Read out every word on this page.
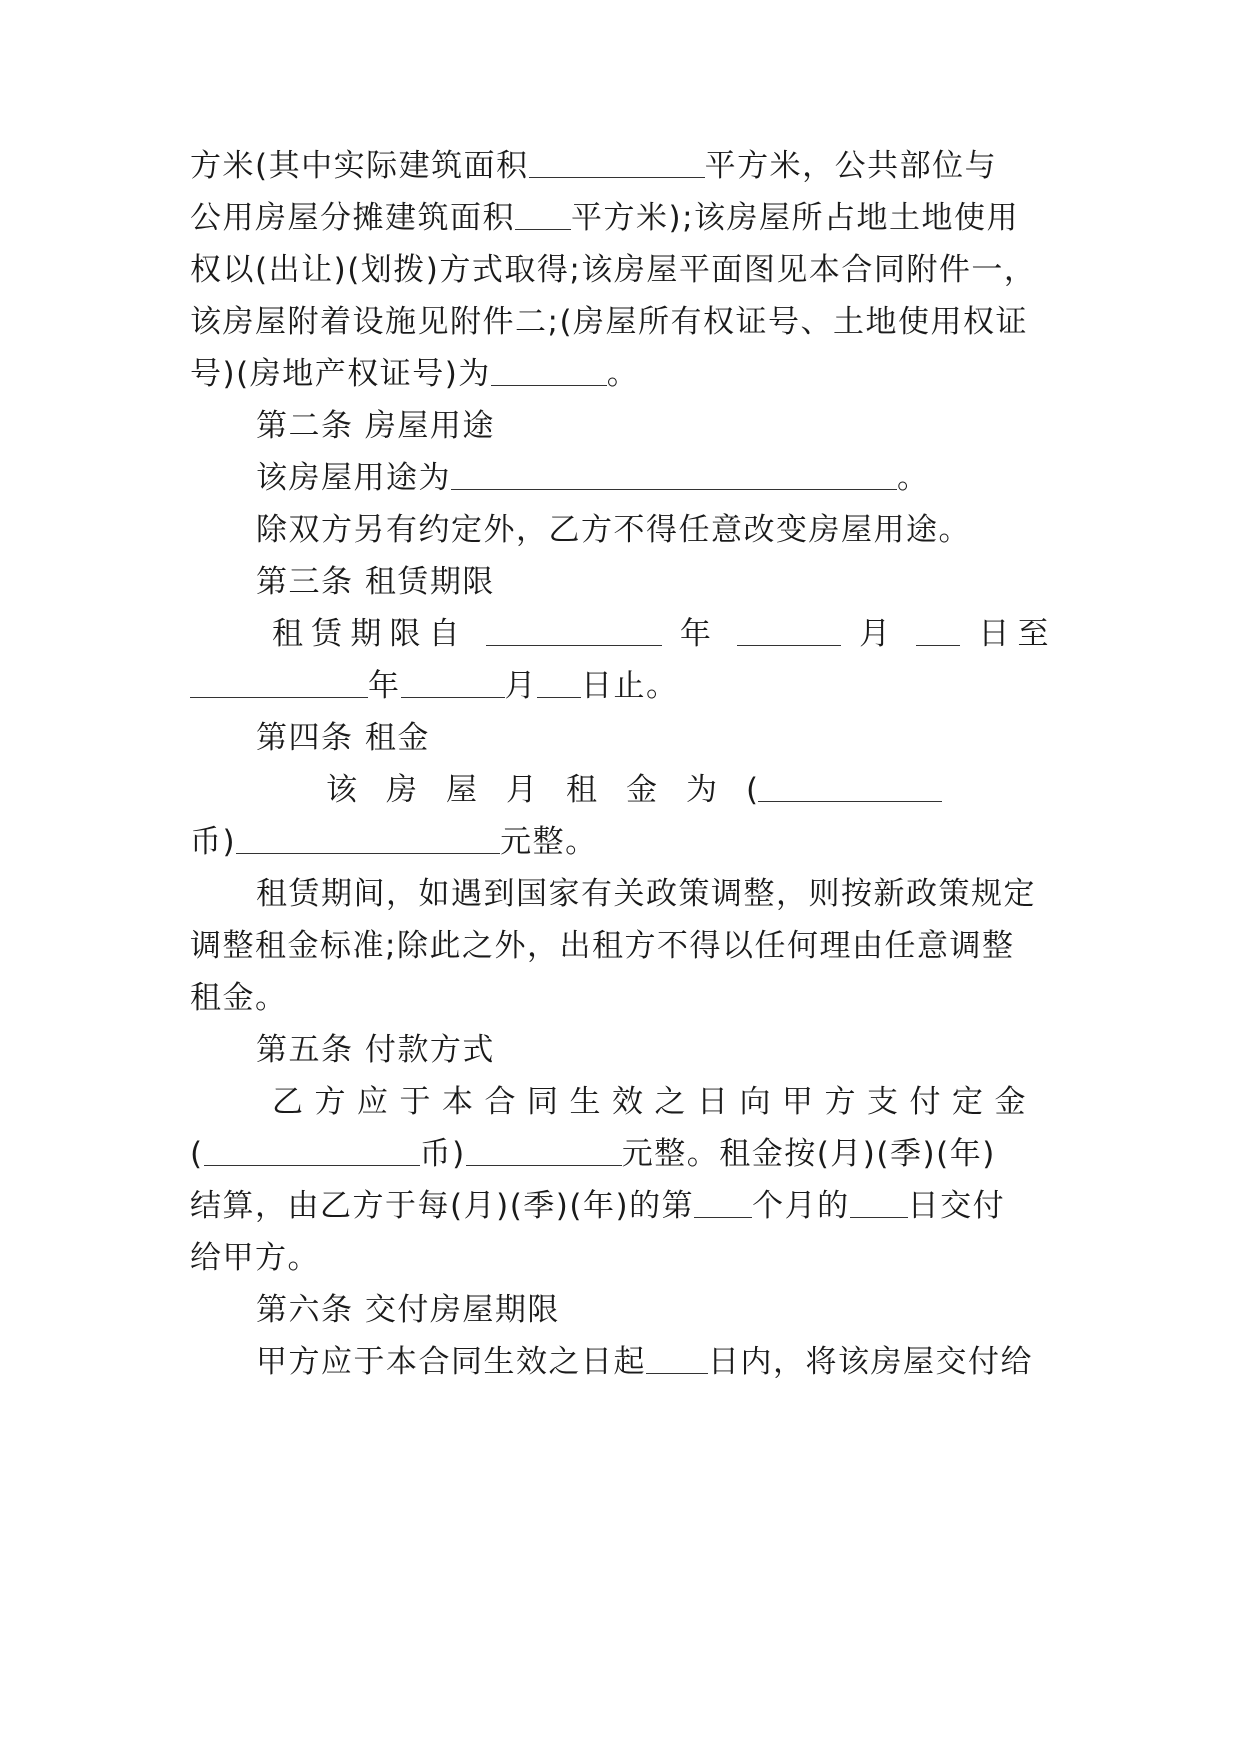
方米(其中实际建筑面积	平方米，公共部位与
公用房屋分摊建筑面积 平方米);该房屋所占地土地使用
权以(出让)(划拨)方式取得;该房屋平面图见本合同附件一，
该房屋附着设施见附件二;(房屋所有权证号、土地使用权证
号)(房地产权证号)为	。
第二条 房屋用途
该房屋用途为	。
除双方另有约定外，乙方不得任意改变房屋用途。
第三条 租赁期限
租赁期限自	年	月	日至
年	月 日止。
第四条 租金
该房屋月租金为(
币)	元整。
租赁期间，如遇到国家有关政策调整，则按新政策规定
调整租金标准;除此之外，出租方不得以任何理由任意调整
租金。
第五条 付款方式
乙方应于本合同生效之日向甲方支付定金
(	币)	元整。租金按(月)(季)(年)
结算，由乙方于每(月)(季)(年)的第 个月的 日交付
给甲方。
第六条 交付房屋期限
甲方应于本合同生效之日起 日内，将该房屋交付给
